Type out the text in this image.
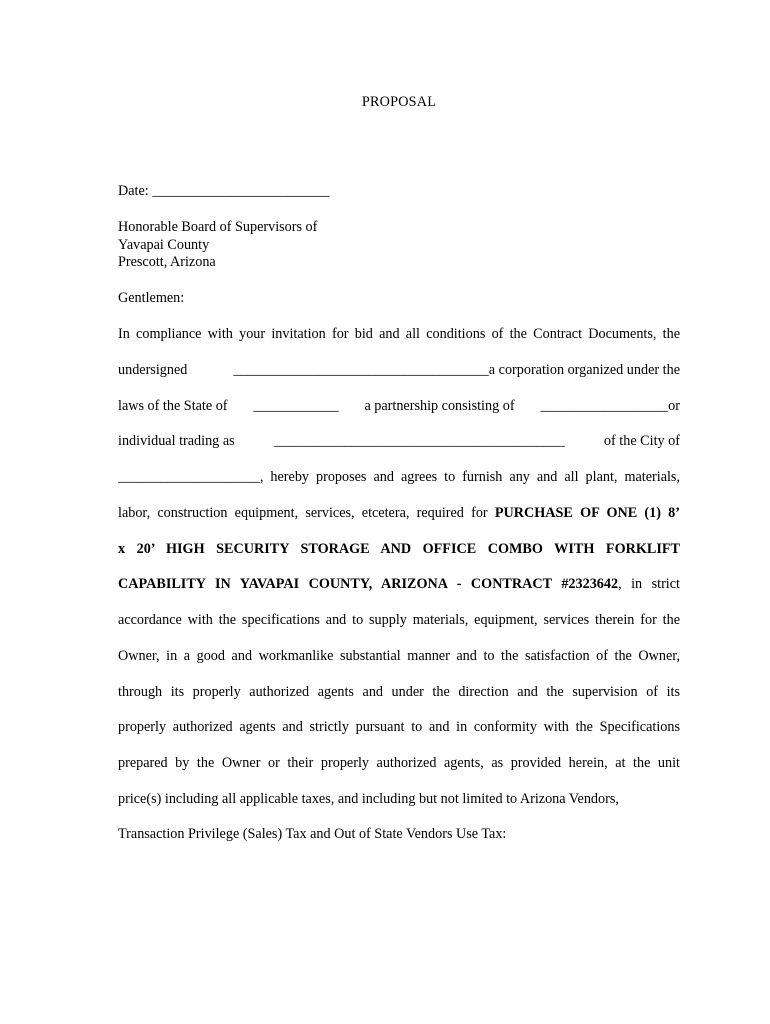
PROPOSAL
Date: _________________________
Honorable Board of Supervisors of
Yavapai County
Prescott, Arizona
Gentlemen:
In compliance with your invitation for bid and all conditions of the Contract Documents, the
undersigned	____________________________________a corporation organized under the
laws of the State of ____________ a partnership consisting of __________________or
individual trading as	_________________________________________	of the City of
____________________, hereby proposes and agrees to furnish any and all plant, materials,
labor, construction equipment, services, etcetera, required for PURCHASE OF ONE (1) 8’
x 20’ HIGH SECURITY STORAGE AND OFFICE COMBO WITH FORKLIFT
CAPABILITY IN YAVAPAI COUNTY, ARIZONA - CONTRACT #2323642, in strict
accordance with the specifications and to supply materials, equipment, services therein for the
Owner, in a good and workmanlike substantial manner and to the satisfaction of the Owner,
through its properly authorized agents and under the direction and the supervision of its
properly authorized agents and strictly pursuant to and in conformity with the Specifications
prepared by the Owner or their properly authorized agents, as provided herein, at the unit
price(s) including all applicable taxes, and including but not limited to Arizona Vendors,
Transaction Privilege (Sales) Tax and Out of State Vendors Use Tax:
